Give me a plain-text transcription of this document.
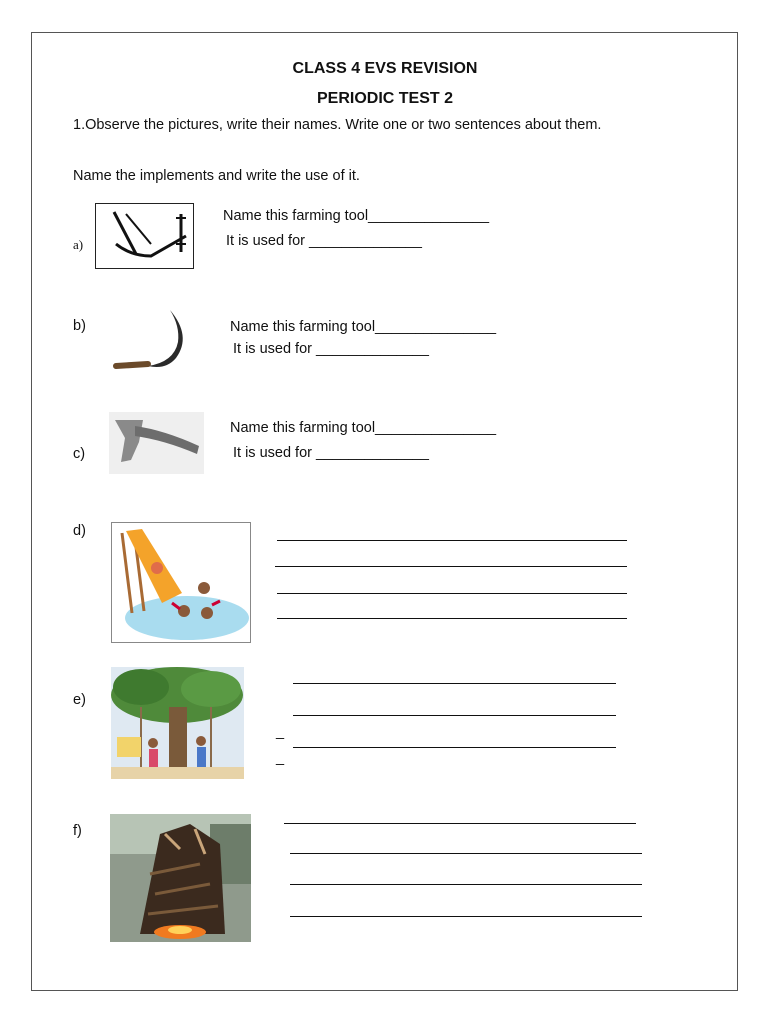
CLASS 4 EVS REVISION
PERIODIC TEST 2
1.Observe the pictures, write their names. Write one or two sentences about them.
Name the implements and write the use of it.
a)
Name this farming tool_______________
It is used for ______________
b)	Name this farming tool_______________
It is used for ______________
c)
Name this farming tool_______________
It is used for ______________
d)
e)
_
_
f)
